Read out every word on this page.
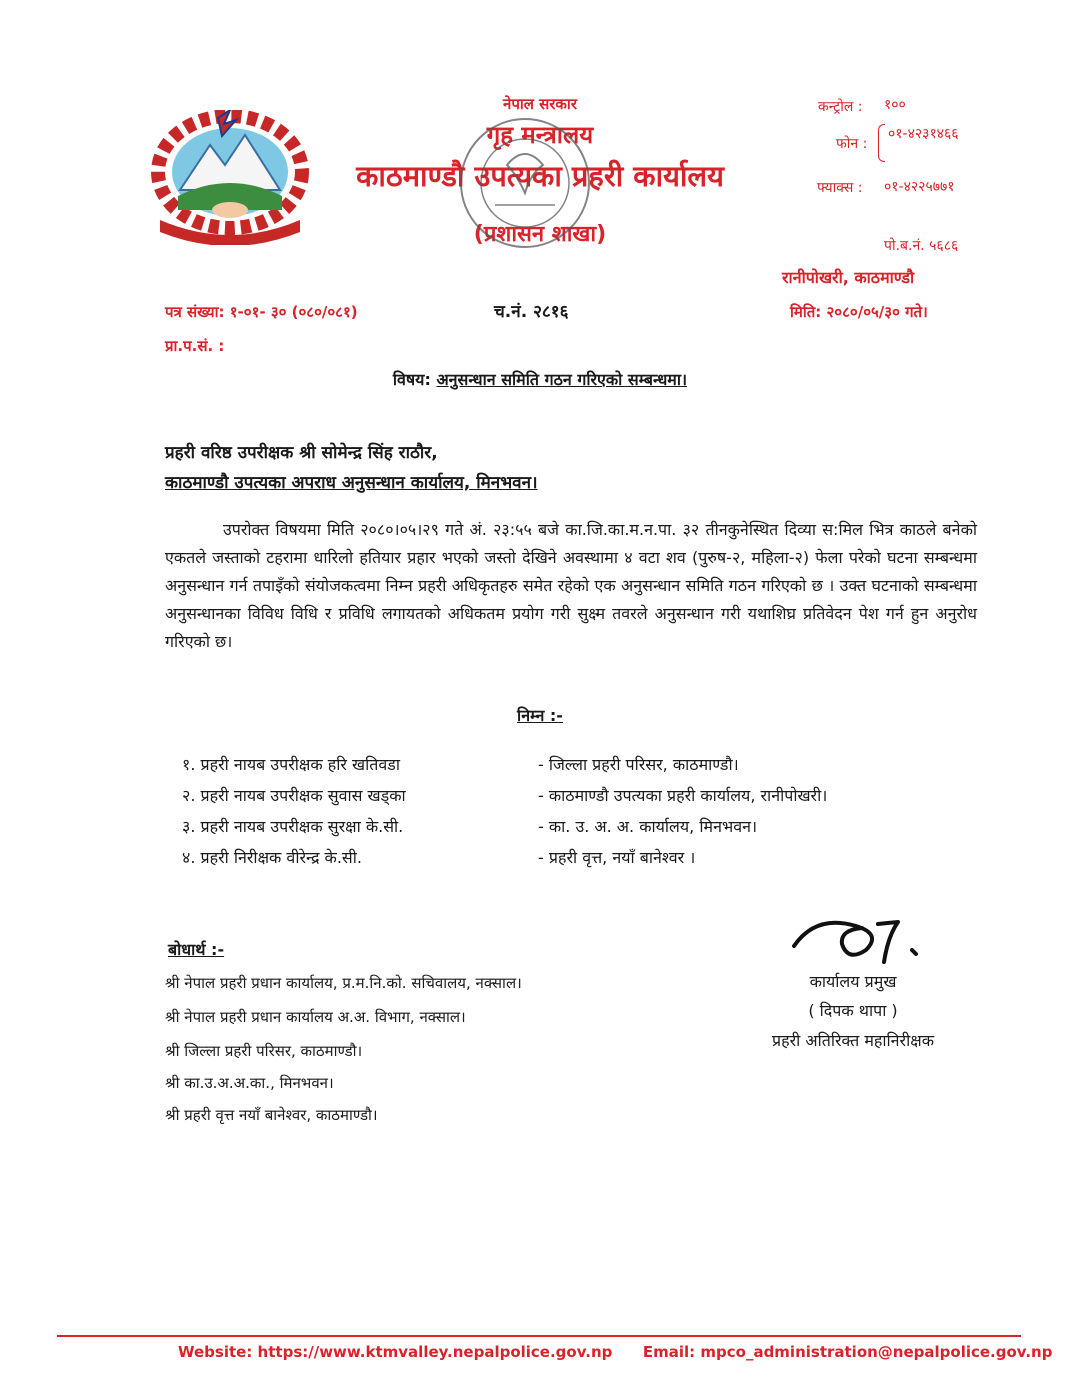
नेपाल सरकार
गृह मन्त्रालय
काठमाण्डौ उपत्यका प्रहरी कार्यालय
(प्रशासन शाखा)
कन्ट्रोल : १००
फोन :
०१-४२३१४६६
फ्याक्स : ०१-४२२५७७१
पो.ब.नं. ५६८६
रानीपोखरी, काठमाण्डौ
पत्र संख्या: १-०१- ३० (०८०/०८१)	च.नं. २८१६	मिति: २०८०/०५/३० गते।
प्रा.प.सं. :
विषय: अनुसन्धान समिति गठन गरिएको सम्बन्धमा।
प्रहरी वरिष्ठ उपरीक्षक श्री सोमेन्द्र सिंह राठौर,
काठमाण्डौ उपत्यका अपराध अनुसन्धान कार्यालय, मिनभवन।
उपरोक्त विषयमा मिति २०८०।०५।२९ गते अं. २३:५५ बजे का.जि.का.म.न.पा. ३२ तीनकुनेस्थित दिव्या स:मिल भित्र काठले बनेको एकतले जस्ताको टहरामा धारिलो हतियार प्रहार भएको जस्तो देखिने अवस्थामा ४ वटा शव (पुरुष-२, महिला-२) फेला परेको घटना सम्बन्धमा अनुसन्धान गर्न तपाइँको संयोजकत्वमा निम्न प्रहरी अधिकृतहरु समेत रहेको एक अनुसन्धान समिति गठन गरिएको छ । उक्त घटनाको सम्बन्धमा अनुसन्धानका विविध विधि र प्रविधि लगायतको अधिकतम प्रयोग गरी सुक्ष्म तवरले अनुसन्धान गरी यथाशिघ्र प्रतिवेदन पेश गर्न हुन अनुरोध गरिएको छ।
निम्न :-
१. प्रहरी नायब उपरीक्षक हरि खतिवडा	- जिल्ला प्रहरी परिसर, काठमाण्डौ।
२. प्रहरी नायब उपरीक्षक सुवास खड्का	- काठमाण्डौ उपत्यका प्रहरी कार्यालय, रानीपोखरी।
३. प्रहरी नायब उपरीक्षक सुरक्षा के.सी.	- का. उ. अ. अ. कार्यालय, मिनभवन।
४. प्रहरी निरीक्षक वीरेन्द्र के.सी.	- प्रहरी वृत्त, नयाँ बानेश्वर ।
बोधार्थ :-
श्री नेपाल प्रहरी प्रधान कार्यालय, प्र.म.नि.को. सचिवालय, नक्साल।
श्री नेपाल प्रहरी प्रधान कार्यालय अ.अ. विभाग, नक्साल।
श्री जिल्ला प्रहरी परिसर, काठमाण्डौ।
श्री का.उ.अ.अ.का., मिनभवन।
श्री प्रहरी वृत्त नयाँ बानेश्वर, काठमाण्डौ।
कार्यालय प्रमुख
( दिपक थापा )
प्रहरी अतिरिक्त महानिरीक्षक
Website: https://www.ktmvalley.nepalpolice.gov.np Email: mpco_administration@nepalpolice.gov.np
